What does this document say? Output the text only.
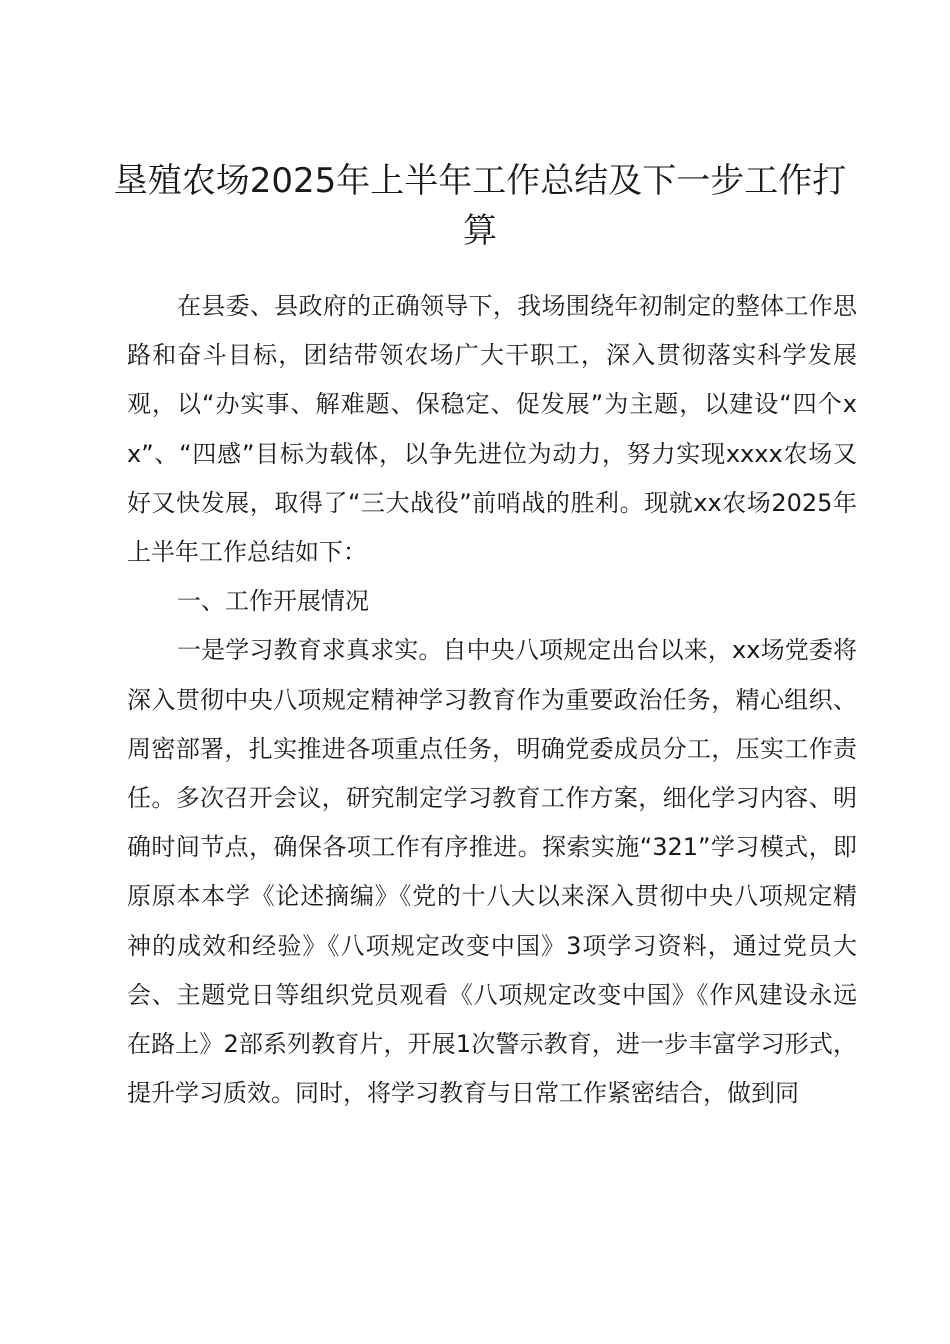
垦殖农场2025年上半年工作总结及下一步工作打算

在县委、县政府的正确领导下，我场围绕年初制定的整体工作思路和奋斗目标，团结带领农场广大干职工，深入贯彻落实科学发展观，以“办实事、解难题、保稳定、促发展”为主题，以建设“四个xx”、“四感”目标为载体，以争先进位为动力，努力实现xxxx农场又好又快发展，取得了“三大战役”前哨战的胜利。现就xx农场2025年上半年工作总结如下：

一、工作开展情况

一是学习教育求真求实。自中央八项规定出台以来，xx场党委将深入贯彻中央八项规定精神学习教育作为重要政治任务，精心组织、周密部署，扎实推进各项重点任务，明确党委成员分工，压实工作责任。多次召开会议，研究制定学习教育工作方案，细化学习内容、明确时间节点，确保各项工作有序推进。探索实施“321”学习模式，即原原本本学《论述摘编》《党的十八大以来深入贯彻中央八项规定精神的成效和经验》《八项规定改变中国》3项学习资料，通过党员大会、主题党日等组织党员观看《八项规定改变中国》《作风建设永远在路上》2部系列教育片，开展1次警示教育，进一步丰富学习形式，提升学习质效。同时，将学习教育与日常工作紧密结合，做到同
